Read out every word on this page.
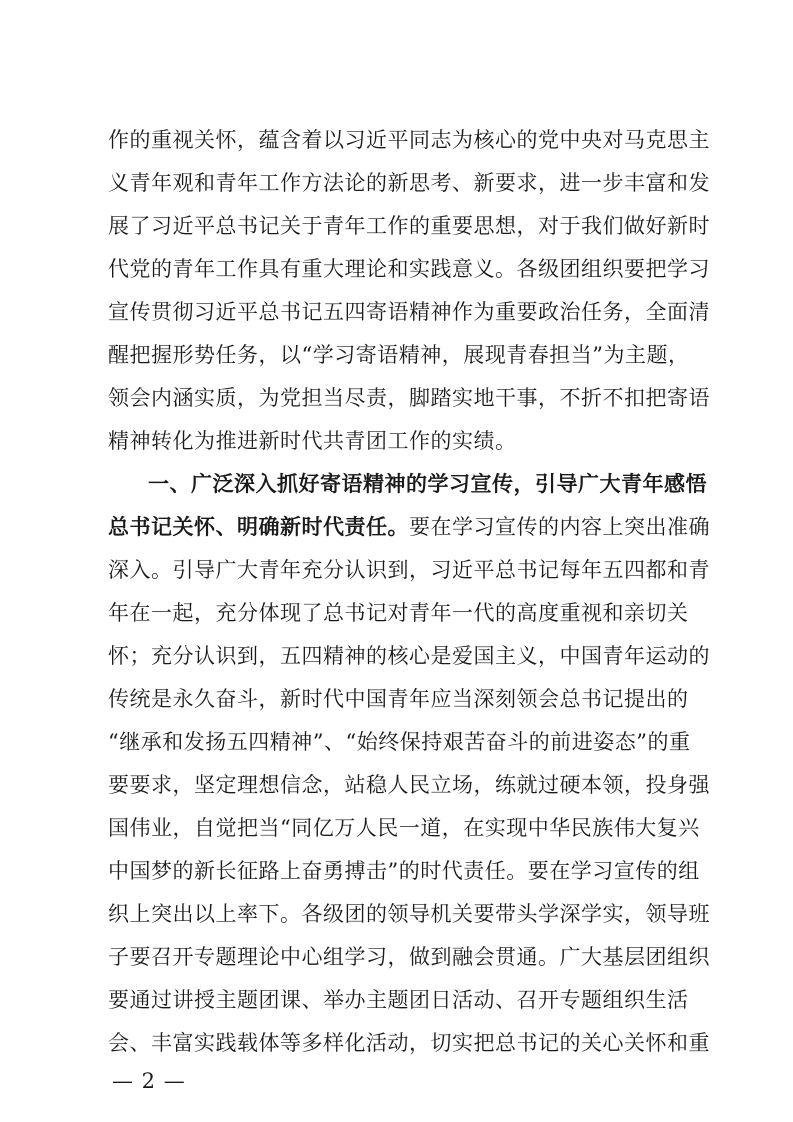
作的重视关怀，蕴含着以习近平同志为核心的党中央对马克思主
义青年观和青年工作方法论的新思考、新要求，进一步丰富和发
展了习近平总书记关于青年工作的重要思想，对于我们做好新时
代党的青年工作具有重大理论和实践意义。各级团组织要把学习
宣传贯彻习近平总书记五四寄语精神作为重要政治任务，全面清
醒把握形势任务，以“学习寄语精神，展现青春担当”为主题，
领会内涵实质，为党担当尽责，脚踏实地干事，不折不扣把寄语
精神转化为推进新时代共青团工作的实绩。
一、广泛深入抓好寄语精神的学习宣传，引导广大青年感悟
总书记关怀、明确新时代责任。要在学习宣传的内容上突出准确
深入。引导广大青年充分认识到，习近平总书记每年五四都和青
年在一起，充分体现了总书记对青年一代的高度重视和亲切关
怀；充分认识到，五四精神的核心是爱国主义，中国青年运动的
传统是永久奋斗，新时代中国青年应当深刻领会总书记提出的
“继承和发扬五四精神”、“始终保持艰苦奋斗的前进姿态”的重
要要求，坚定理想信念，站稳人民立场，练就过硬本领，投身强
国伟业，自觉把当“同亿万人民一道，在实现中华民族伟大复兴
中国梦的新长征路上奋勇搏击”的时代责任。要在学习宣传的组
织上突出以上率下。各级团的领导机关要带头学深学实，领导班
子要召开专题理论中心组学习，做到融会贯通。广大基层团组织
要通过讲授主题团课、举办主题团日活动、召开专题组织生活
会、丰富实践载体等多样化活动，切实把总书记的关心关怀和重
— 2 —
